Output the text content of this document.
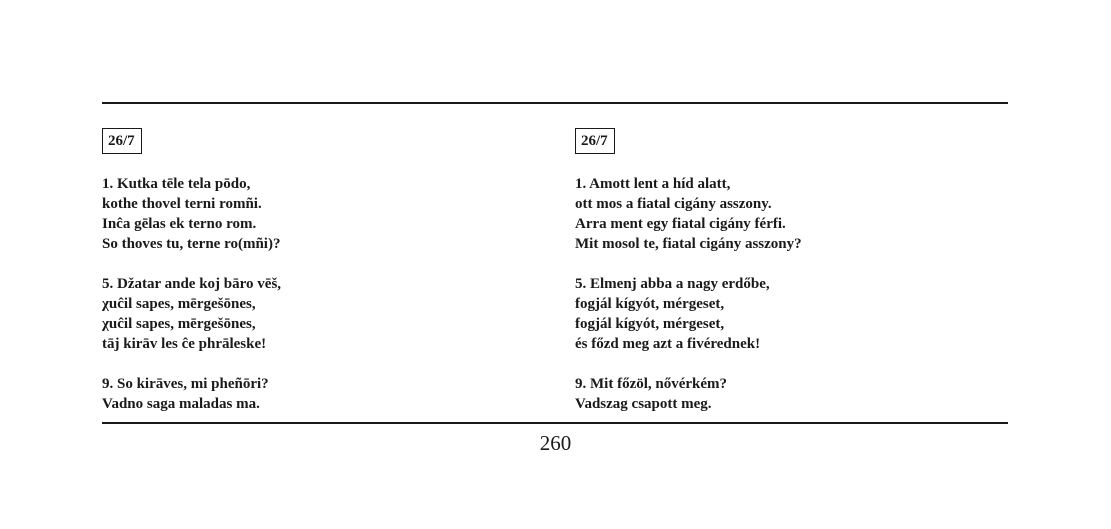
26/7
1. Kutka tēle tela pōdo,
kothe thovel terni romñi.
Inĉa gēlas ek terno rom.
So thoves tu, terne ro(mñi)?
5. Džatar ande koj bāro vēš,
χuĉil sapes, mērgešōnes,
χuĉil sapes, mērgešōnes,
tāj kirāv les ĉe phrāleske!
9. So kirāves, mi pheñōri?
Vadno saga maladas ma.
26/7
1. Amott lent a híd alatt,
ott mos a fiatal cigány asszony.
Arra ment egy fiatal cigány férfi.
Mit mosol te, fiatal cigány asszony?
5. Elmenj abba a nagy erdőbe,
fogjál kígyót, mérgeset,
fogjál kígyót, mérgeset,
és főzd meg azt a fivérednek!
9. Mit főzöl, nővérkém?
Vadszag csapott meg.
260
